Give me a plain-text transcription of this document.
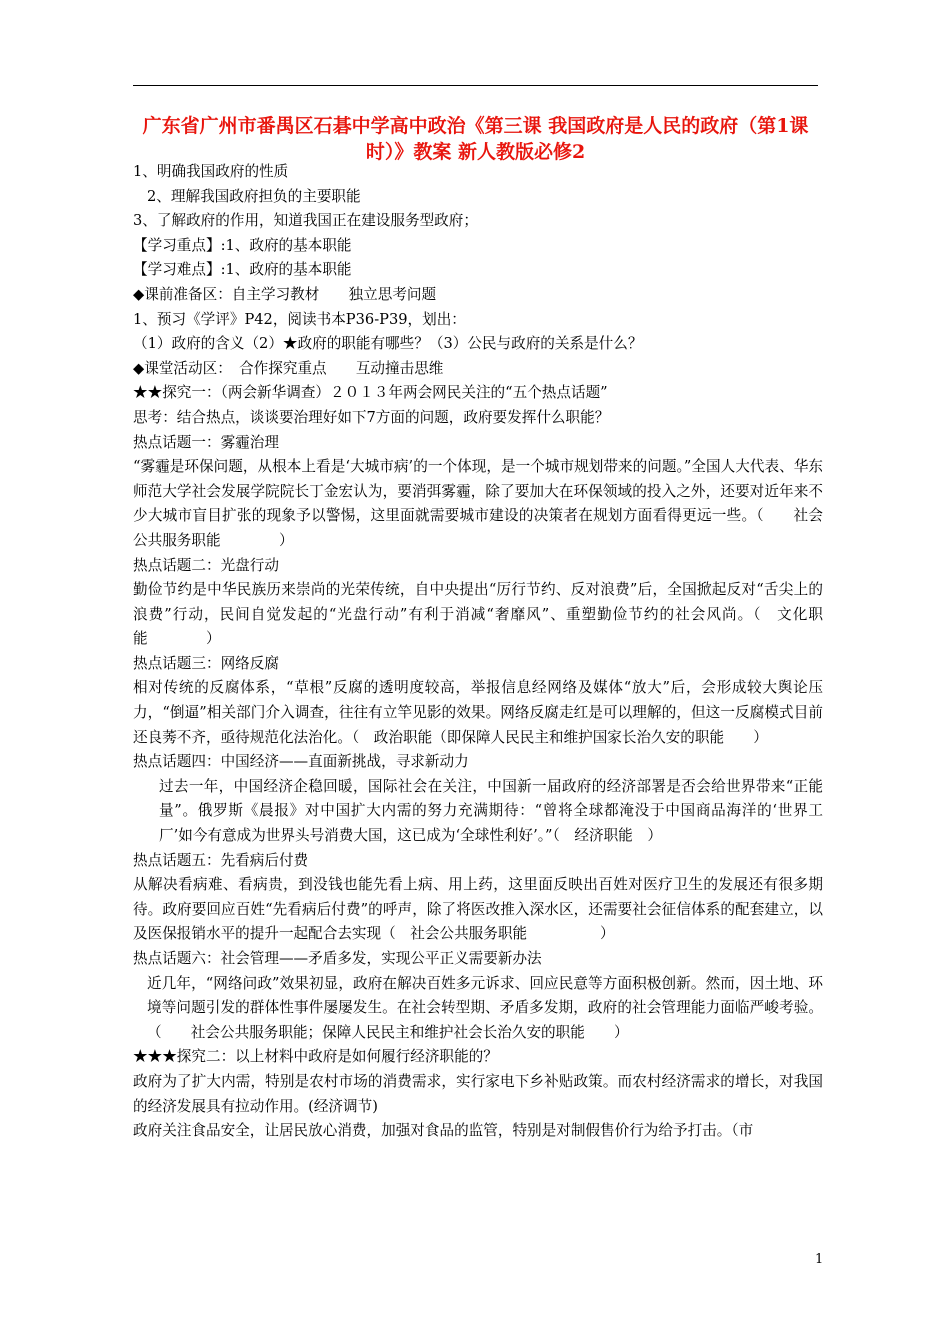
广东省广州市番禺区石碁中学高中政治《第三课 我国政府是人民的政府（第1课时）》教案 新人教版必修2
1、明确我国政府的性质
2、理解我国政府担负的主要职能
3、了解政府的作用，知道我国正在建设服务型政府；
【学习重点】:1、政府的基本职能
【学习难点】:1、政府的基本职能
◆课前准备区：自主学习教材　　独立思考问题
1、预习《学评》P42，阅读书本P36-P39，划出：
（1）政府的含义（2）★政府的职能有哪些？（3）公民与政府的关系是什么？
◆课堂活动区：　合作探究重点　　互动撞击思维
★★探究一：（两会新华调查）２０１３年两会网民关注的“五个热点话题”
思考：结合热点，谈谈要治理好如下7方面的问题，政府要发挥什么职能？
热点话题一：雾霾治理
“雾霾是环保问题，从根本上看是‘大城市病’的一个体现，是一个城市规划带来的问题。”全国人大代表、华东师范大学社会发展学院院长丁金宏认为，要消弭雾霾，除了要加大在环保领域的投入之外，还要对近年来不少大城市盲目扩张的现象予以警惕，这里面就需要城市建设的决策者在规划方面看得更远一些。（　　社会公共服务职能　　　　）
热点话题二：光盘行动
勤俭节约是中华民族历来崇尚的光荣传统，自中央提出“厉行节约、反对浪费”后，全国掀起反对“舌尖上的浪费”行动，民间自觉发起的“光盘行动”有利于消减“奢靡风”、重塑勤俭节约的社会风尚。（　文化职能　　　　）
热点话题三：网络反腐
相对传统的反腐体系，“草根”反腐的透明度较高，举报信息经网络及媒体“放大”后，会形成较大舆论压力，“倒逼”相关部门介入调查，往往有立竿见影的效果。网络反腐走红是可以理解的，但这一反腐模式目前还良莠不齐，亟待规范化法治化。（　政治职能（即保障人民民主和维护国家长治久安的职能　　）
热点话题四：中国经济——直面新挑战，寻求新动力
过去一年，中国经济企稳回暖，国际社会在关注，中国新一届政府的经济部署是否会给世界带来“正能量”。俄罗斯《晨报》对中国扩大内需的努力充满期待：“曾将全球都淹没于中国商品海洋的‘世界工厂’如今有意成为世界头号消费大国，这已成为‘全球性利好’。”（　经济职能　）
热点话题五：先看病后付费
从解决看病难、看病贵，到没钱也能先看上病、用上药，这里面反映出百姓对医疗卫生的发展还有很多期待。政府要回应百姓“先看病后付费”的呼声，除了将医改推入深水区，还需要社会征信体系的配套建立，以及医保报销水平的提升一起配合去实现（　社会公共服务职能　　　　　）
热点话题六：社会管理——矛盾多发，实现公平正义需要新办法
近几年，“网络问政”效果初显，政府在解决百姓多元诉求、回应民意等方面积极创新。然而，因土地、环境等问题引发的群体性事件屡屡发生。在社会转型期、矛盾多发期，政府的社会管理能力面临严峻考验。（　　社会公共服务职能；保障人民民主和维护社会长治久安的职能　　）
★★★探究二：以上材料中政府是如何履行经济职能的？
政府为了扩大内需，特别是农村市场的消费需求，实行家电下乡补贴政策。而农村经济需求的增长，对我国的经济发展具有拉动作用。(经济调节)
政府关注食品安全，让居民放心消费，加强对食品的监管，特别是对制假售价行为给予打击。（市
1
